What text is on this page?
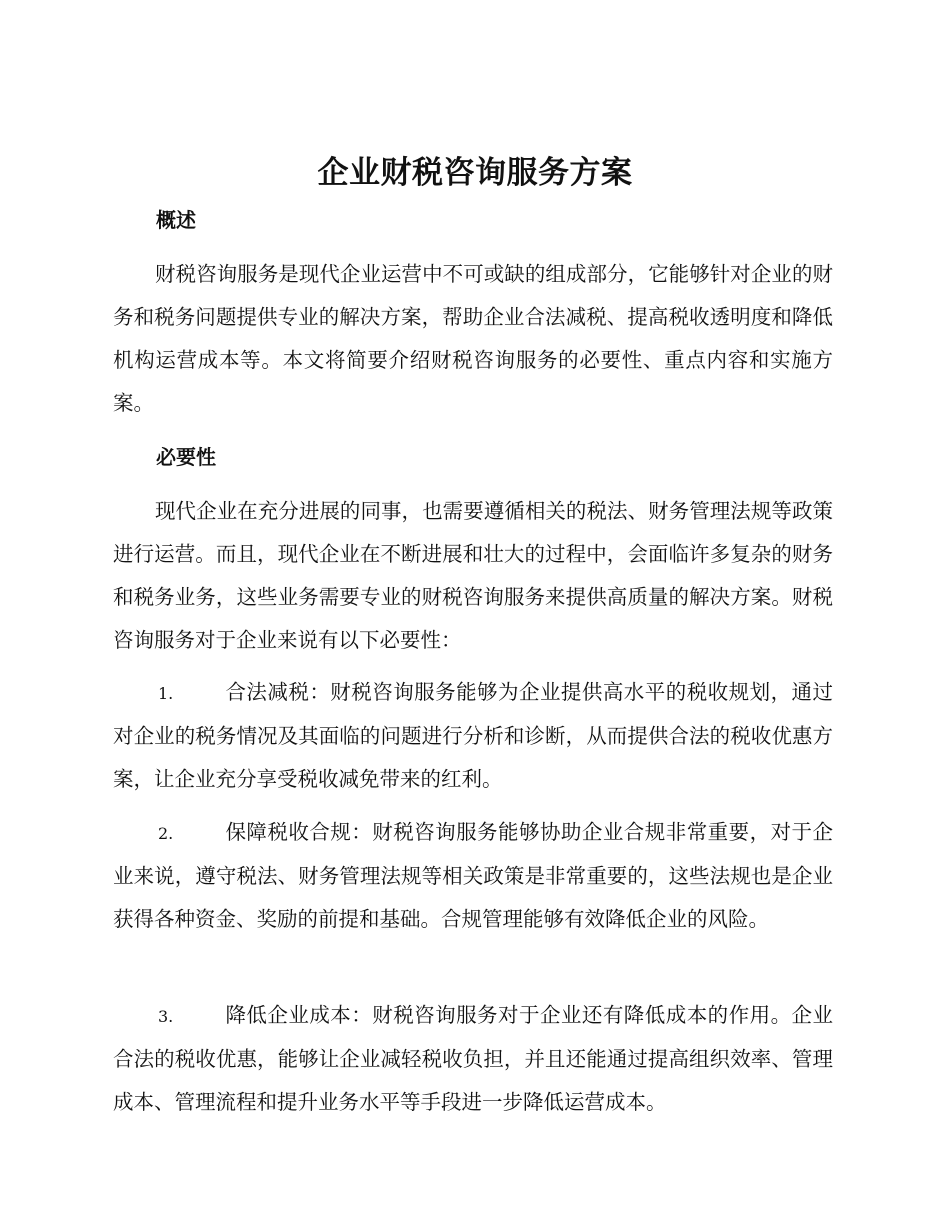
企业财税咨询服务方案
概述

财税咨询服务是现代企业运营中不可或缺的组成部分，它能够针对企业的财务和税务问题提供专业的解决方案，帮助企业合法减税、提高税收透明度和降低机构运营成本等。本文将简要介绍财税咨询服务的必要性、重点内容和实施方案。

必要性

现代企业在充分进展的同事，也需要遵循相关的税法、财务管理法规等政策进行运营。而且，现代企业在不断进展和壮大的过程中，会面临许多复杂的财务和税务业务，这些业务需要专业的财税咨询服务来提供高质量的解决方案。财税咨询服务对于企业来说有以下必要性：

1.	合法减税：财税咨询服务能够为企业提供高水平的税收规划，通过对企业的税务情况及其面临的问题进行分析和诊断，从而提供合法的税收优惠方案，让企业充分享受税收减免带来的红利。

2.	保障税收合规：财税咨询服务能够协助企业合规非常重要，对于企业来说，遵守税法、财务管理法规等相关政策是非常重要的，这些法规也是企业获得各种资金、奖励的前提和基础。合规管理能够有效降低企业的风险。

3.	降低企业成本：财税咨询服务对于企业还有降低成本的作用。企业合法的税收优惠，能够让企业减轻税收负担，并且还能通过提高组织效率、管理成本、管理流程和提升业务水平等手段进一步降低运营成本。
